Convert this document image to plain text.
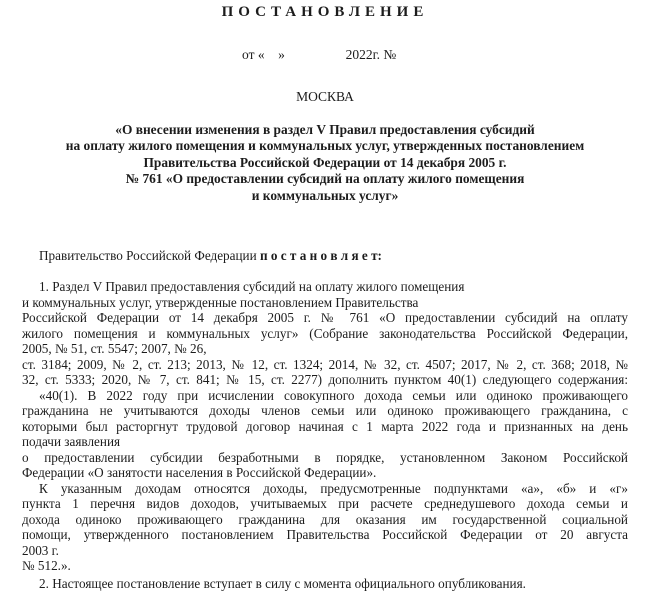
ПОСТАНОВЛЕНИЕ
от «    »                  2022г. №
МОСКВА
«О внесении изменения в раздел V Правил предоставления субсидий
на оплату жилого помещения и коммунальных услуг, утвержденных постановлением
Правительства Российской Федерации от 14 декабря 2005 г.
№ 761 «О предоставлении субсидий на оплату жилого помещения
и коммунальных услуг»
Правительство Российской Федерации п о с т а н о в л я е т:
1. Раздел V Правил предоставления субсидий на оплату жилого помещения
и коммунальных услуг, утвержденные постановлением Правительства
Российской Федерации от 14 декабря 2005 г. № 761 «О предоставлении субсидий на оплату
жилого помещения и коммунальных услуг» (Собрание законодательства Российской Федерации,
2005, № 51, ст. 5547; 2007, № 26,
ст. 3184; 2009, № 2, ст. 213; 2013, № 12, ст. 1324; 2014, № 32, ст. 4507; 2017, № 2, ст. 368; 2018, №
32, ст. 5333; 2020, № 7, ст. 841; № 15, ст. 2277) дополнить пунктом 40(1) следующего содержания:
«40(1). В 2022 году при исчислении совокупного дохода семьи или одиноко проживающего
гражданина не учитываются доходы членов семьи или одиноко проживающего гражданина, с
которыми был расторгнут трудовой договор начиная с 1 марта 2022 года и признанных на день
подачи заявления
о предоставлении субсидии безработными в порядке, установленном Законом Российской
Федерации «О занятости населения в Российской Федерации».
К указанным доходам относятся доходы, предусмотренные подпунктами «а», «б» и «г»
пункта 1 перечня видов доходов, учитываемых при расчете среднедушевого дохода семьи и
дохода одиноко проживающего гражданина для оказания им государственной социальной
помощи, утвержденного постановлением Правительства Российской Федерации от 20 августа
2003 г.
№ 512.».
2. Настоящее постановление вступает в силу с момента официального опубликования.
